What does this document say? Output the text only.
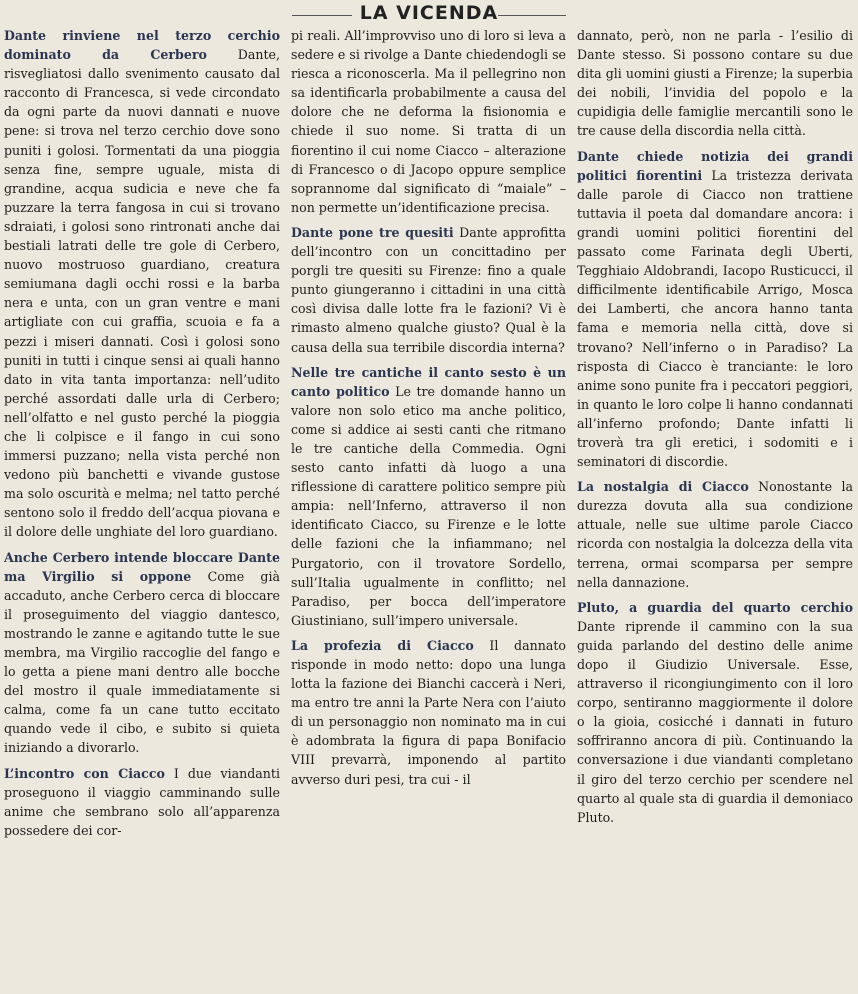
LA VICENDA

Dante rinviene nel terzo cerchio dominato da Cerbero Dante, risvegliatosi dallo svenimento causato dal racconto di Francesca, si vede circondato da ogni parte da nuovi dannati e nuove pene: si trova nel terzo cerchio dove sono puniti i golosi. Tormentati da una pioggia senza fine, sempre uguale, mista di grandine, acqua sudicia e neve che fa puzzare la terra fangosa in cui si trovano sdraiati, i golosi sono rintronati anche dai bestiali latrati delle tre gole di Cerbero, nuovo mostruoso guardiano, creatura semiumana dagli occhi rossi e la barba nera e unta, con un gran ventre e mani artigliate con cui graffia, scuoia e fa a pezzi i miseri dannati. Così i golosi sono puniti in tutti i cinque sensi ai quali hanno dato in vita tanta importanza: nell’udito perché assordati dalle urla di Cerbero; nell’olfatto e nel gusto perché la pioggia che li colpisce e il fango in cui sono immersi puzzano; nella vista perché non vedono più banchetti e vivande gustose ma solo oscurità e melma; nel tatto perché sentono solo il freddo dell’acqua piovana e il dolore delle unghiate del loro guardiano.

Anche Cerbero intende bloccare Dante ma Virgilio si oppone Come già accaduto, anche Cerbero cerca di bloccare il proseguimento del viaggio dantesco, mostrando le zanne e agitando tutte le sue membra, ma Virgilio raccoglie del fango e lo getta a piene mani dentro alle bocche del mostro il quale immediatamente si calma, come fa un cane tutto eccitato quando vede il cibo, e subito si quieta iniziando a divorarlo.

L’incontro con Ciacco I due viandanti proseguono il viaggio camminando sulle anime che sembrano solo all’apparenza possedere dei cor-

pi reali. All’improvviso uno di loro si leva a sedere e si rivolge a Dante chiedendogli se riesca a riconoscerla. Ma il pellegrino non sa identificarla probabilmente a causa del dolore che ne deforma la fisionomia e chiede il suo nome. Si tratta di un fiorentino il cui nome Ciacco – alterazione di Francesco o di Jacopo oppure semplice soprannome dal significato di “maiale” – non permette un’identificazione precisa.

Dante pone tre quesiti Dante approfitta dell’incontro con un concittadino per porgli tre quesiti su Firenze: fino a quale punto giungeranno i cittadini in una città così divisa dalle lotte fra le fazioni? Vi è rimasto almeno qualche giusto? Qual è la causa della sua terribile discordia interna?

Nelle tre cantiche il canto sesto è un canto politico Le tre domande hanno un valore non solo etico ma anche politico, come si addice ai sesti canti che ritmano le tre cantiche della Commedia. Ogni sesto canto infatti dà luogo a una riflessione di carattere politico sempre più ampia: nell’Inferno, attraverso il non identificato Ciacco, su Firenze e le lotte delle fazioni che la infiammano; nel Purgatorio, con il trovatore Sordello, sull’Italia ugualmente in conflitto; nel Paradiso, per bocca dell’imperatore Giustiniano, sull’impero universale.

La profezia di Ciacco Il dannato risponde in modo netto: dopo una lunga lotta la fazione dei Bianchi caccerà i Neri, ma entro tre anni la Parte Nera con l’aiuto di un personaggio non nominato ma in cui è adombrata la figura di papa Bonifacio VIII prevarrà, imponendo al partito avverso duri pesi, tra cui - il

dannato, però, non ne parla - l’esilio di Dante stesso. Si possono contare su due dita gli uomini giusti a Firenze; la superbia dei nobili, l’invidia del popolo e la cupidigia delle famiglie mercantili sono le tre cause della discordia nella città.

Dante chiede notizia dei grandi politici fiorentini La tristezza derivata dalle parole di Ciacco non trattiene tuttavia il poeta dal domandare ancora: i grandi uomini politici fiorentini del passato come Farinata degli Uberti, Tegghiaio Aldobrandi, Iacopo Rusticucci, il difficilmente identificabile Arrigo, Mosca dei Lamberti, che ancora hanno tanta fama e memoria nella città, dove si trovano? Nell’inferno o in Paradiso? La risposta di Ciacco è trancianteː le loro anime sono punite fra i peccatori peggiori, in quanto le loro colpe li hanno condannati all’inferno profondo; Dante infatti li troverà tra gli eretici, i sodomiti e i seminatori di discordie.

La nostalgia di Ciacco Nonostante la durezza dovuta alla sua condizione attuale, nelle sue ultime parole Ciacco ricorda con nostalgia la dolcezza della vita terrena, ormai scomparsa per sempre nella dannazione.

Pluto, a guardia del quarto cerchio Dante riprende il cammino con la sua guida parlando del destino delle anime dopo il Giudizio Universale. Esse, attraverso il ricongiungimento con il loro corpo, sentiranno maggiormente il dolore o la gioia, cosicché i dannati in futuro soffriranno ancora di più. Continuando la conversazione i due viandanti completano il giro del terzo cerchio per scendere nel quarto al quale sta di guardia il demoniaco Pluto.
